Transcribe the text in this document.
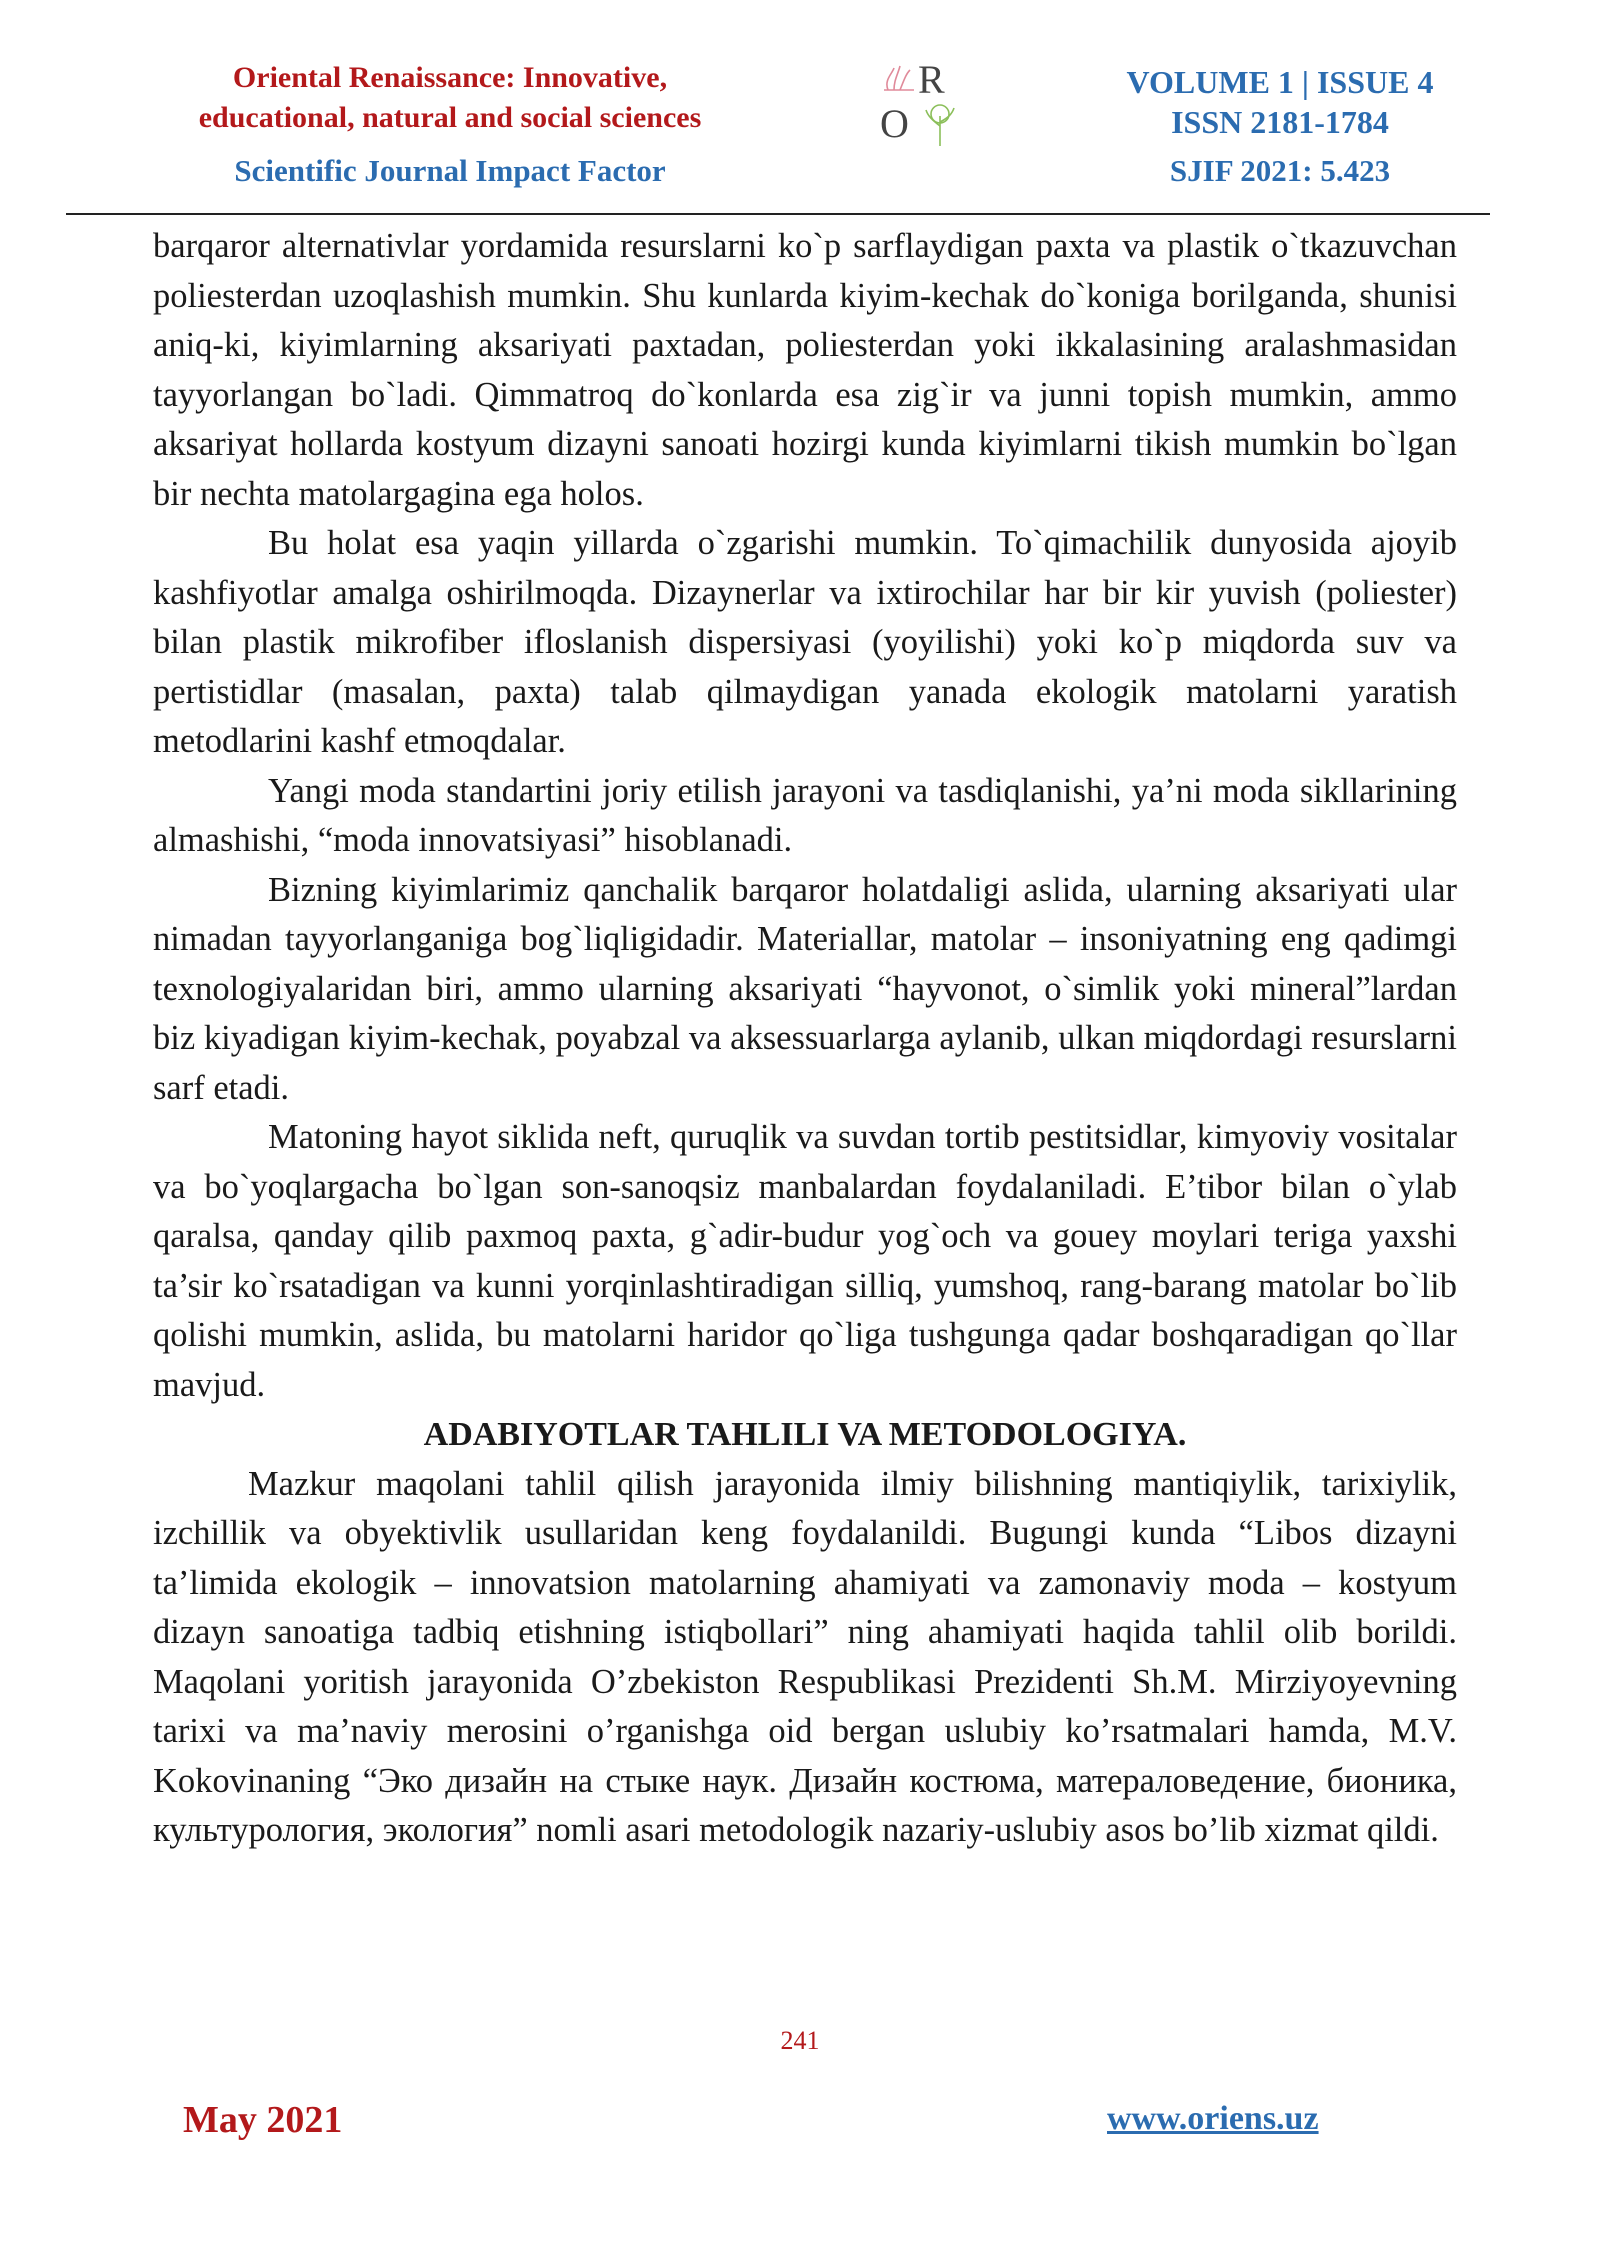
Oriental Renaissance: Innovative,
educational, natural and social sciences
Scientific Journal Impact Factor
R
O
VOLUME 1 | ISSUE 4
ISSN 2181-1784
SJIF 2021: 5.423

barqaror alternativlar yordamida resurslarni ko`p sarflaydigan paxta va plastik o`tkazuvchan poliesterdan uzoqlashish mumkin. Shu kunlarda kiyim-kechak do`koniga borilganda, shunisi aniq-ki, kiyimlarning aksariyati paxtadan, poliesterdan yoki ikkalasining aralashmasidan tayyorlangan bo`ladi. Qimmatroq do`konlarda esa zig`ir va junni topish mumkin, ammo aksariyat hollarda kostyum dizayni sanoati hozirgi kunda kiyimlarni tikish mumkin bo`lgan bir nechta matolargagina ega holos.

Bu holat esa yaqin yillarda o`zgarishi mumkin. To`qimachilik dunyosida ajoyib kashfiyotlar amalga oshirilmoqda. Dizaynerlar va ixtirochilar har bir kir yuvish (poliester) bilan plastik mikrofiber ifloslanish dispersiyasi (yoyilishi) yoki ko`p miqdorda suv va pertistidlar (masalan, paxta) talab qilmaydigan yanada ekologik matolarni yaratish metodlarini kashf etmoqdalar.

Yangi moda standartini joriy etilish jarayoni va tasdiqlanishi, ya’ni moda sikllarining almashishi, “moda innovatsiyasi” hisoblanadi.

Bizning kiyimlarimiz qanchalik barqaror holatdaligi aslida, ularning aksariyati ular nimadan tayyorlanganiga bog`liqligidadir. Materiallar, matolar – insoniyatning eng qadimgi texnologiyalaridan biri, ammo ularning aksariyati “hayvonot, o`simlik yoki mineral”lardan biz kiyadigan kiyim-kechak, poyabzal va aksessuarlarga aylanib, ulkan miqdordagi resurslarni sarf etadi.

Matoning hayot siklida neft, quruqlik va suvdan tortib pestitsidlar, kimyoviy vositalar va bo`yoqlargacha bo`lgan son-sanoqsiz manbalardan foydalaniladi. E’tibor bilan o`ylab qaralsa, qanday qilib paxmoq paxta, g`adir-budur yog`och va gouey moylari teriga yaxshi ta’sir ko`rsatadigan va kunni yorqinlashtiradigan silliq, yumshoq, rang-barang matolar bo`lib qolishi mumkin, aslida, bu matolarni haridor qo`liga tushgunga qadar boshqaradigan qo`llar mavjud.

ADABIYOTLAR TAHLILI VA METODOLOGIYA.

Mazkur maqolani tahlil qilish jarayonida ilmiy bilishning mantiqiylik, tarixiylik, izchillik va obyektivlik usullaridan keng foydalanildi. Bugungi kunda “Libos dizayni ta’limida ekologik – innovatsion matolarning ahamiyati va zamonaviy moda – kostyum dizayn sanoatiga tadbiq etishning istiqbollari” ning ahamiyati haqida tahlil olib borildi. Maqolani yoritish jarayonida O’zbekiston Respublikasi Prezidenti Sh.M. Mirziyoyevning tarixi va ma’naviy merosini o’rganishga oid bergan uslubiy ko’rsatmalari hamda, M.V. Kokovinaning “Эко дизайн на стыке наук. Дизайн костюма, матераловедение, бионика, культурология, экология” nomli asari metodologik nazariy-uslubiy asos bo’lib xizmat qildi.

241
May 2021	www.oriens.uz
